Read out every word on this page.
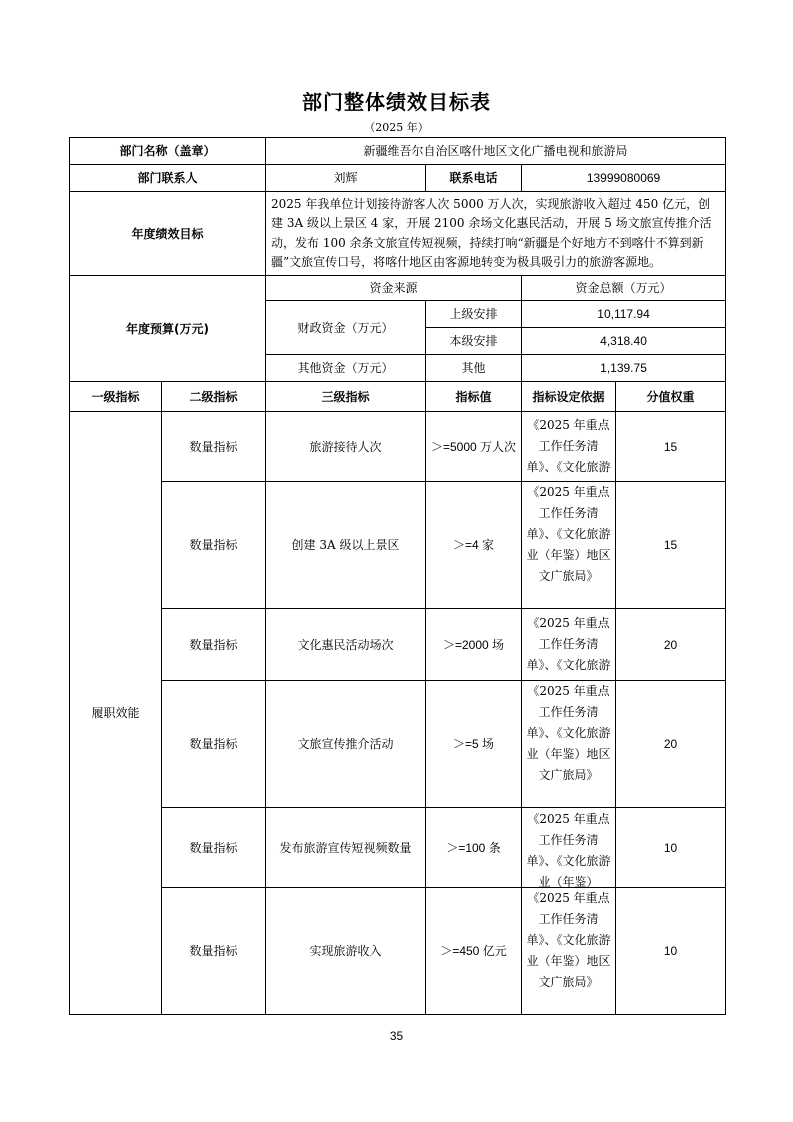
部门整体绩效目标表
（2025 年）
部门名称（盖章）		新疆维吾尔自治区喀什地区文化广播电视和旅游局			
部门联系人		刘辉	联系电话	13999080069	
年度绩效目标		2025 年我单位计划接待游客人次 5000 万人次，实现旅游收入超过 450 亿元，创建 3A 级以上景区 4 家，开展 2100 余场文化惠民活动，开展 5 场文旅宣传推介活动，发布 100 余条文旅宣传短视频，持续打响“新疆是个好地方不到喀什不算到新疆”文旅宣传口号，将喀什地区由客源地转变为极具吸引力的旅游客源地。			
年度预算(万元)		资金来源		资金总额（万元）	
		财政资金（万元）	上级安排	10,117.94	
			本级安排	4,318.40	
		其他资金（万元）	其他	1,139.75	
一级指标	二级指标	三级指标	指标值	指标设定依据	分值权重
履职效能	数量指标	旅游接待人次	＞=5000 万人次	《2025 年重点工作任务清单》、《文化旅游	15
	数量指标	创建 3A 级以上景区	＞=4 家	《2025 年重点工作任务清单》、《文化旅游业（年鉴）地区文广旅局》	15
	数量指标	文化惠民活动场次	＞=2000 场	《2025 年重点工作任务清单》、《文化旅游	20
	数量指标	文旅宣传推介活动	＞=5 场	《2025 年重点工作任务清单》、《文化旅游业（年鉴）地区文广旅局》	20
	数量指标	发布旅游宣传短视频数量	＞=100 条	《2025 年重点工作任务清单》、《文化旅游业（年鉴）	10
	数量指标	实现旅游收入	＞=450 亿元	《2025 年重点工作任务清单》、《文化旅游业（年鉴）地区文广旅局》	10
35
